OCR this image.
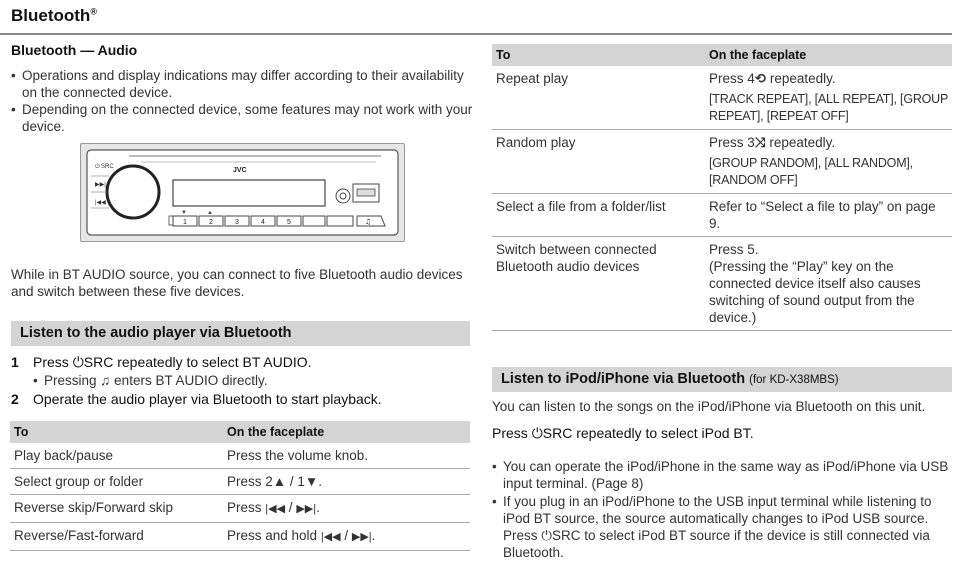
Bluetooth®
Bluetooth — Audio
• Operations and display indications may differ according to their availability on the connected device.
• Depending on the connected device, some features may not work with your device.
⏻ SRC
▶▶|
|◀◀
JVC
1	2	3	4	5
▼	▲
♫
While in BT AUDIO source, you can connect to five Bluetooth audio devices and switch between these five devices.
Listen to the audio player via Bluetooth
1 Press ⏻SRC repeatedly to select BT AUDIO.
• Pressing ♫ enters BT AUDIO directly.
2 Operate the audio player via Bluetooth to start playback.
To	On the faceplate
Play back/pause	Press the volume knob.
Select group or folder	Press 2▲ / 1▼.
Reverse skip/Forward skip	Press |◀◀ / ▶▶|.
Reverse/Fast-forward	Press and hold |◀◀ / ▶▶|.
To	On the faceplate
Repeat play	Press 4⟲ repeatedly.
[TRACK REPEAT], [ALL REPEAT], [GROUP REPEAT], [REPEAT OFF]

Random play	Press 3⤨ repeatedly.
[GROUP RANDOM], [ALL RANDOM], [RANDOM OFF]

Select a file from a folder/list	Refer to “Select a file to play” on page 9.
Switch between connected Bluetooth audio devices	Press 5.
(Pressing the “Play” key on the connected device itself also causes switching of sound output from the device.)
Listen to iPod/iPhone via Bluetooth (for KD-X38MBS)
You can listen to the songs on the iPod/iPhone via Bluetooth on this unit.
Press ⏻SRC repeatedly to select iPod BT.
• You can operate the iPod/iPhone in the same way as iPod/iPhone via USB input terminal. (Page 8)
• If you plug in an iPod/iPhone to the USB input terminal while listening to iPod BT source, the source automatically changes to iPod USB source. Press ⏻SRC to select iPod BT source if the device is still connected via Bluetooth.
